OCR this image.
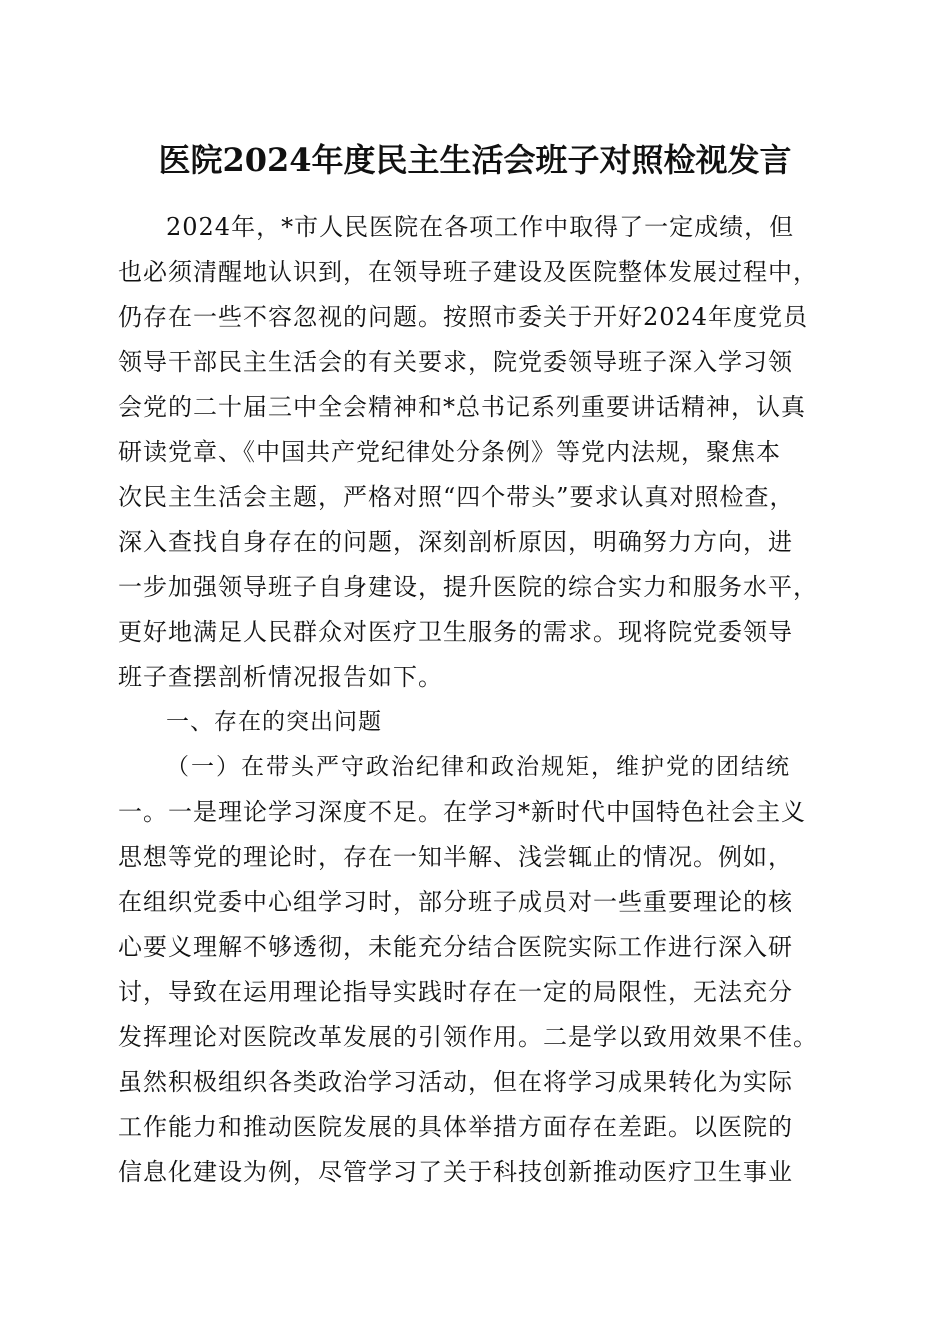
医院2024年度民主生活会班子对照检视发言
2024年，*市人民医院在各项工作中取得了一定成绩，但
也必须清醒地认识到，在领导班子建设及医院整体发展过程中，
仍存在一些不容忽视的问题。按照市委关于开好2024年度党员
领导干部民主生活会的有关要求，院党委领导班子深入学习领
会党的二十届三中全会精神和*总书记系列重要讲话精神，认真
研读党章、《中国共产党纪律处分条例》等党内法规，聚焦本
次民主生活会主题，严格对照“四个带头”要求认真对照检查，
深入查找自身存在的问题，深刻剖析原因，明确努力方向，进
一步加强领导班子自身建设，提升医院的综合实力和服务水平，
更好地满足人民群众对医疗卫生服务的需求。现将院党委领导
班子查摆剖析情况报告如下。
一、存在的突出问题
（一）在带头严守政治纪律和政治规矩，维护党的团结统
一。一是理论学习深度不足。在学习*新时代中国特色社会主义
思想等党的理论时，存在一知半解、浅尝辄止的情况。例如，
在组织党委中心组学习时，部分班子成员对一些重要理论的核
心要义理解不够透彻，未能充分结合医院实际工作进行深入研
讨，导致在运用理论指导实践时存在一定的局限性，无法充分
发挥理论对医院改革发展的引领作用。二是学以致用效果不佳。
虽然积极组织各类政治学习活动，但在将学习成果转化为实际
工作能力和推动医院发展的具体举措方面存在差距。以医院的
信息化建设为例，尽管学习了关于科技创新推动医疗卫生事业
